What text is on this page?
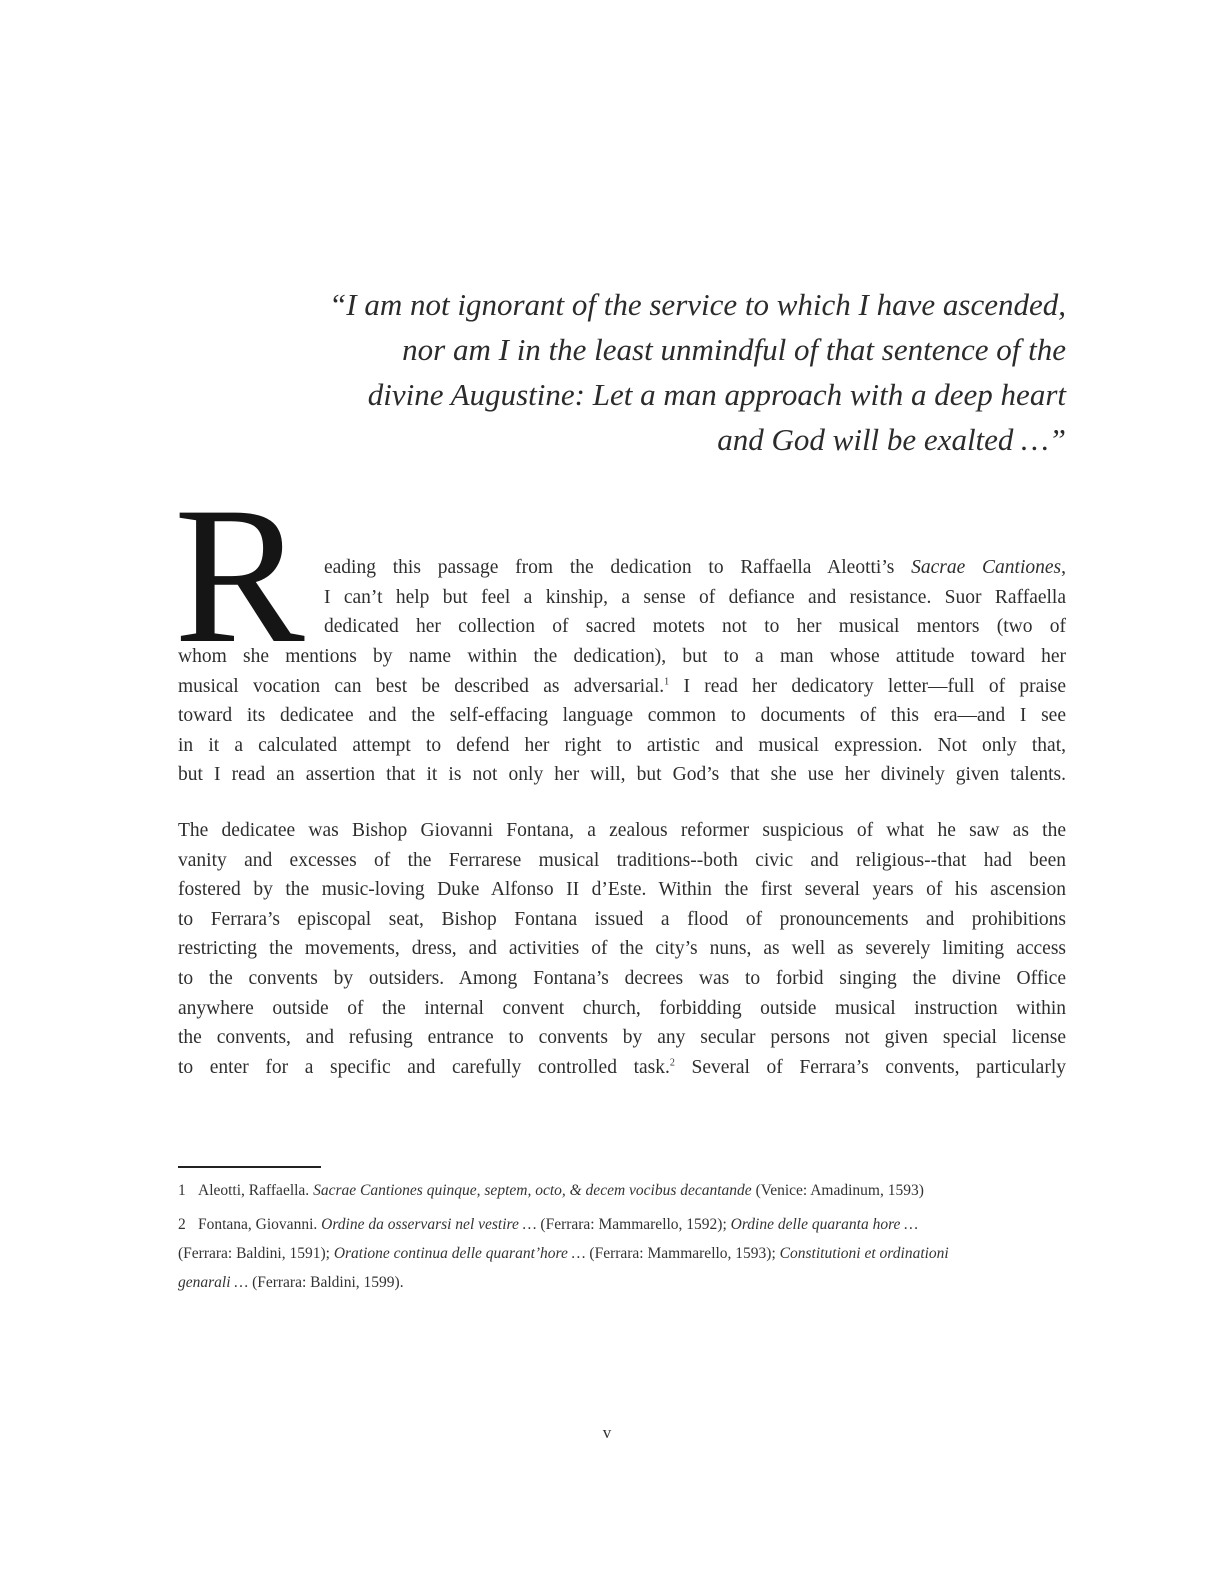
“I am not ignorant of the service to which I have ascended,
nor am I in the least unmindful of that sentence of the
divine Augustine: Let a man approach with a deep heart
and God will be exalted …”
R eading this passage from the dedication to Raffaella Aleotti’s Sacrae Cantiones,
I can’t help but feel a kinship, a sense of defiance and resistance. Suor Raffaella
dedicated her collection of sacred motets not to her musical mentors (two of
whom she mentions by name within the dedication), but to a man whose attitude toward her
musical vocation can best be described as adversarial.$^1$ I read her dedicatory letter—full of praise
toward its dedicatee and the self-effacing language common to documents of this era—and I see
in it a calculated attempt to defend her right to artistic and musical expression. Not only that,
but I read an assertion that it is not only her will, but God’s that she use her divinely given talents.
The dedicatee was Bishop Giovanni Fontana, a zealous reformer suspicious of what he saw as the
vanity and excesses of the Ferrarese musical traditions--both civic and religious--that had been
fostered by the music-loving Duke Alfonso II d’Este. Within the first several years of his ascension
to Ferrara’s episcopal seat, Bishop Fontana issued a flood of pronouncements and prohibitions
restricting the movements, dress, and activities of the city’s nuns, as well as severely limiting access
to the convents by outsiders. Among Fontana’s decrees was to forbid singing the divine Office
anywhere outside of the internal convent church, forbidding outside musical instruction within
the convents, and refusing entrance to convents by any secular persons not given special license
to enter for a specific and carefully controlled task.$^2$ Several of Ferrara’s convents, particularly
1 Aleotti, Raffaella. Sacrae Cantiones quinque, septem, octo, & decem vocibus decantande (Venice: Amadinum, 1593)
2 Fontana, Giovanni. Ordine da osservarsi nel vestire … (Ferrara: Mammarello, 1592); Ordine delle quaranta hore …
(Ferrara: Baldini, 1591); Oratione continua delle quarant’hore … (Ferrara: Mammarello, 1593); Constitutioni et ordinationi
genarali … (Ferrara: Baldini, 1599).
v
